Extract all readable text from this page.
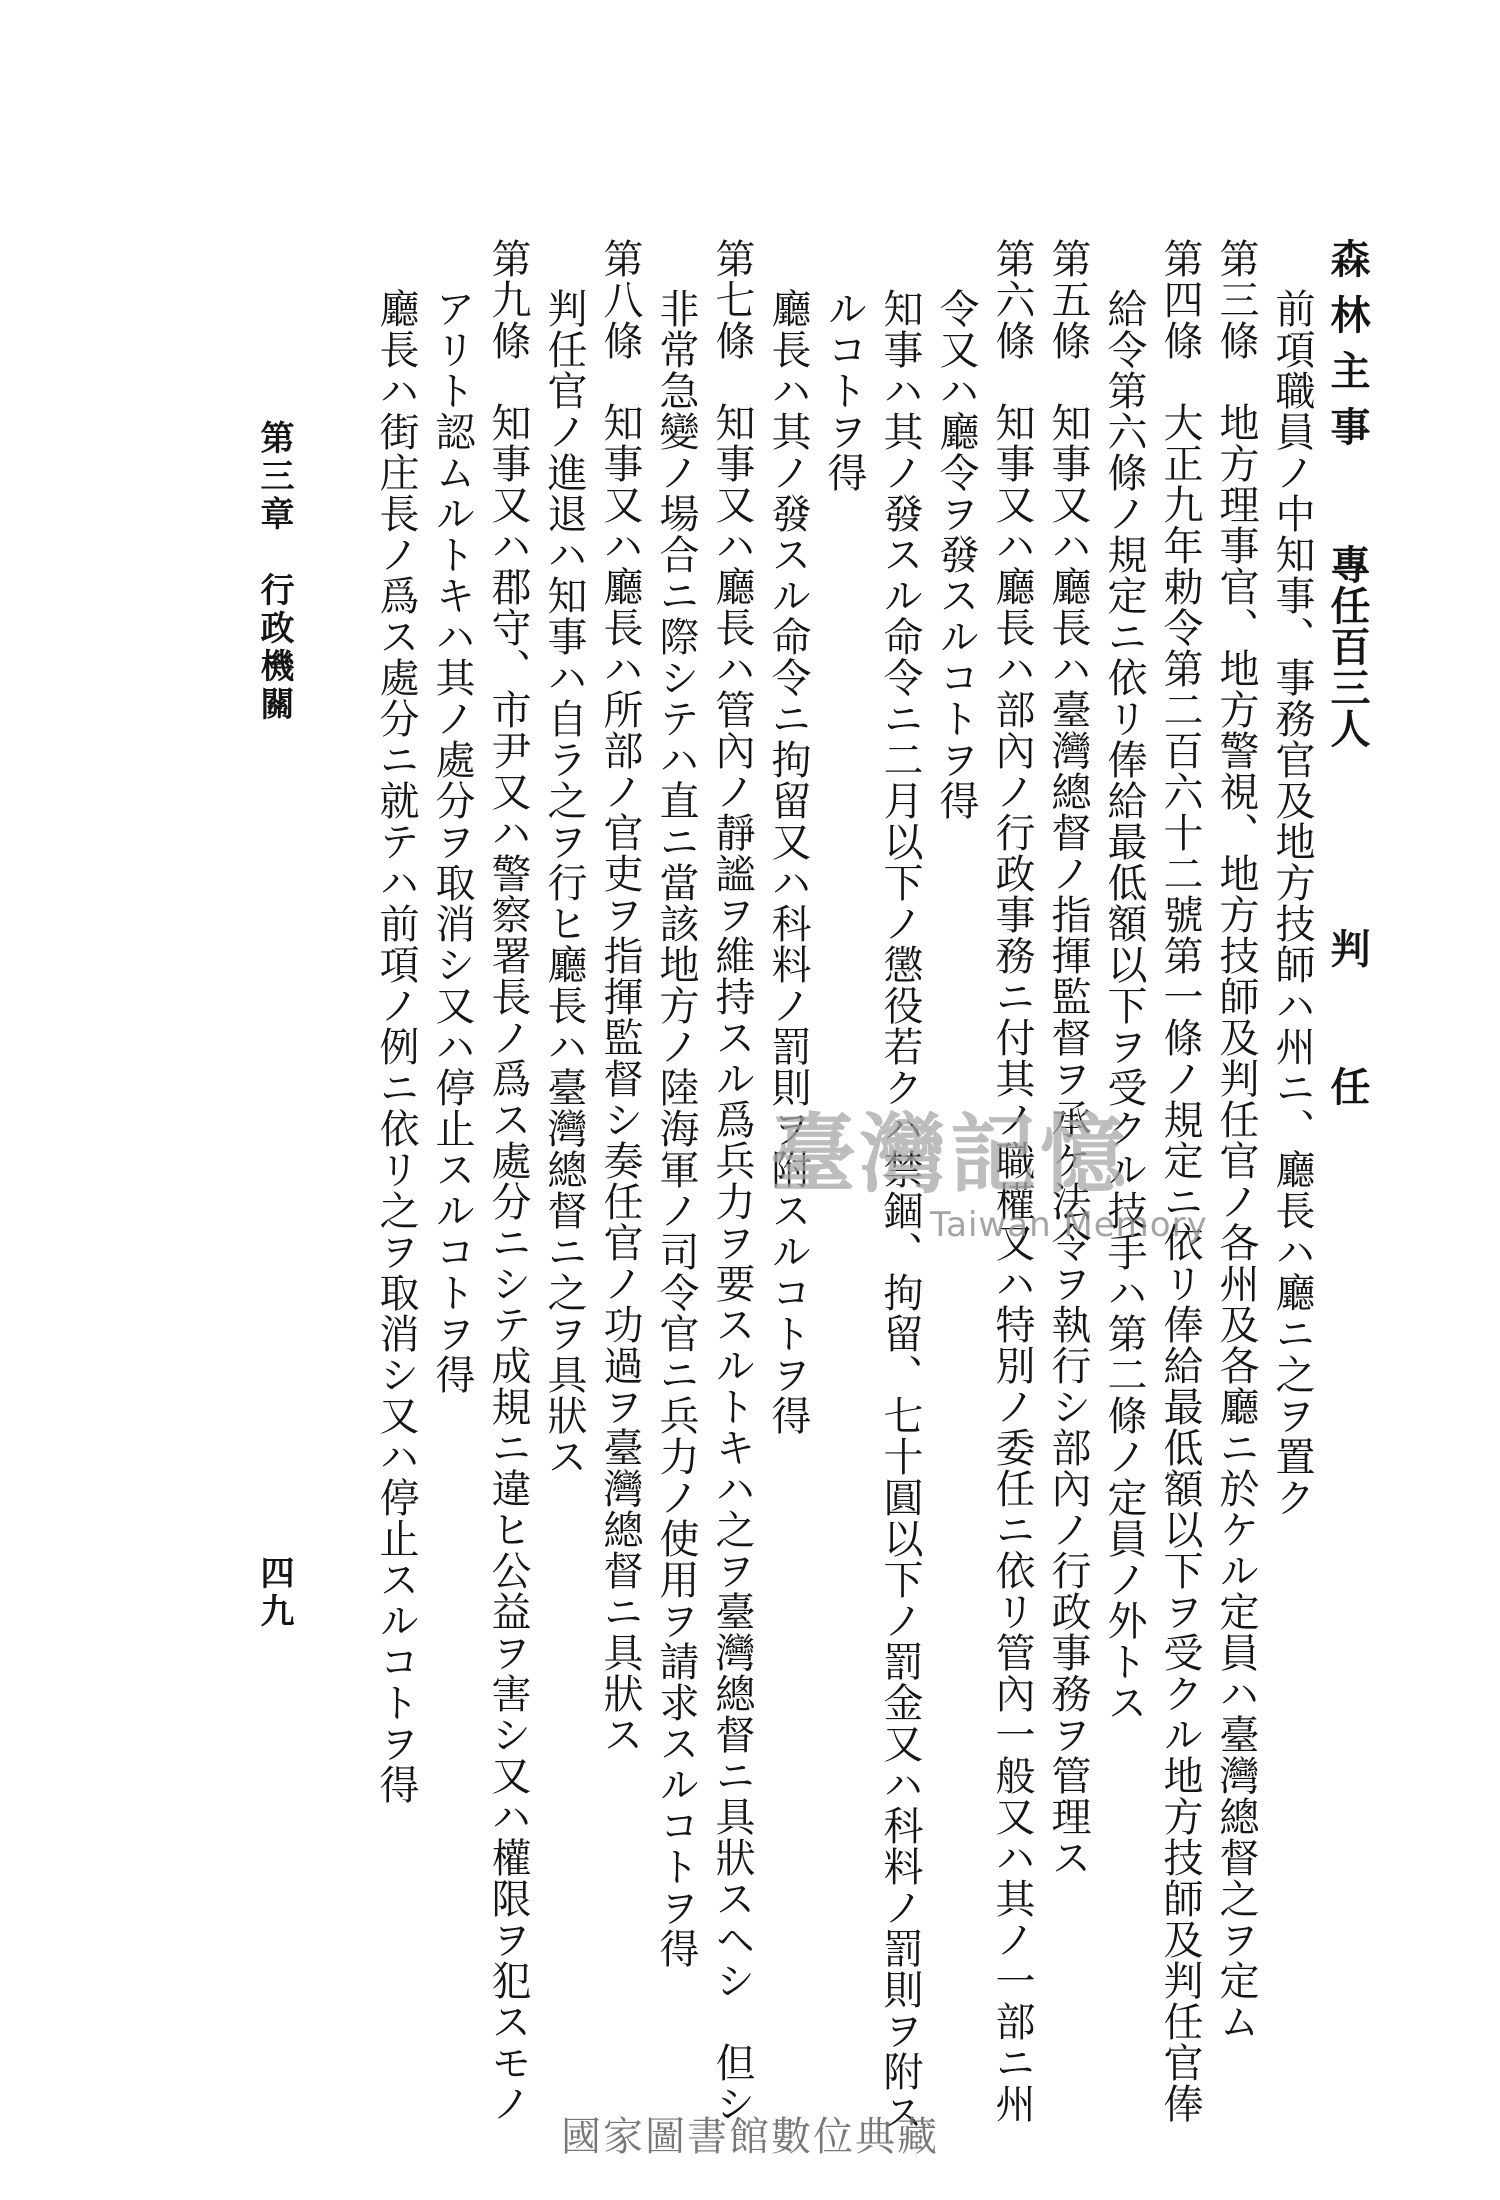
森 林 主 事　　 專任百三人　　　　 判　　 任
前項職員ノ中知事、事務官及地方技師ハ州ニ、廳長ハ廳ニ之ヲ置ク
第三條　地方理事官、地方警視、地方技師及判任官ノ各州及各廳ニ於ケル定員ハ臺灣總督之ヲ定ム
第四條　大正九年勅令第二百六十二號第一條ノ規定ニ依リ俸給最低額以下ヲ受クル地方技師及判任官俸
給令第六條ノ規定ニ依リ俸給最低額以下ヲ受クル技手ハ第二條ノ定員ノ外トス
第五條　知事又ハ廳長ハ臺灣總督ノ指揮監督ヲ承ケ法令ヲ執行シ部內ノ行政事務ヲ管理ス
第六條　知事又ハ廳長ハ部內ノ行政事務ニ付其ノ職權又ハ特別ノ委任ニ依リ管內一般又ハ其ノ一部ニ州
令又ハ廳令ヲ發スルコトヲ得
知事ハ其ノ發スル命令ニ二月以下ノ懲役若クハ禁錮、拘留、七十圓以下ノ罰金又ハ科料ノ罰則ヲ附ス
ルコトヲ得
廳長ハ其ノ發スル命令ニ拘留又ハ科料ノ罰則ヲ附スルコトヲ得
第七條　知事又ハ廳長ハ管內ノ靜謐ヲ維持スル爲兵力ヲ要スルトキハ之ヲ臺灣總督ニ具狀スヘシ　但シ
非常急變ノ場合ニ際シテハ直ニ當該地方ノ陸海軍ノ司令官ニ兵力ノ使用ヲ請求スルコトヲ得
第八條　知事又ハ廳長ハ所部ノ官吏ヲ指揮監督シ奏任官ノ功過ヲ臺灣總督ニ具狀ス
判任官ノ進退ハ知事ハ自ラ之ヲ行ヒ廳長ハ臺灣總督ニ之ヲ具狀ス
第九條　知事又ハ郡守、市尹又ハ警察署長ノ爲ス處分ニシテ成規ニ違ヒ公益ヲ害シ又ハ權限ヲ犯スモノ
アリト認ムルトキハ其ノ處分ヲ取消シ又ハ停止スルコトヲ得
廳長ハ街庄長ノ爲ス處分ニ就テハ前項ノ例ニ依リ之ヲ取消シ又ハ停止スルコトヲ得
第三章　行政機關
四九
臺灣記憶
Taiwan Memory
國家圖書館數位典藏
